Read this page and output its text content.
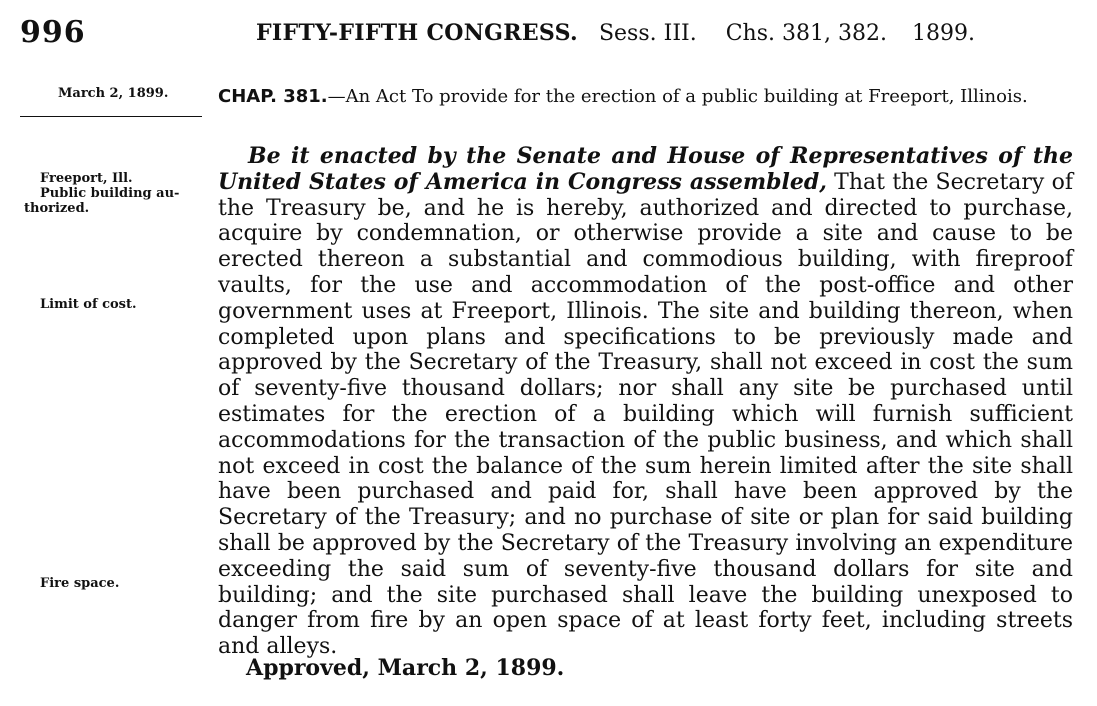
996	FIFTY-FIFTH CONGRESS. Sess. III. Chs. 381, 382. 1899.
March 2, 1899.
Freeport, Ill.
Public building au-
thorized.
Limit of cost.
Fire space.
CHAP. 381.—An Act To provide for the erection of a public building at Freeport, Illinois.
Be it enacted by the Senate and House of Representatives of the United States of America in Congress assembled, That the Secretary of the Treasury be, and he is hereby, authorized and directed to purchase, acquire by condemnation, or otherwise provide a site and cause to be erected thereon a substantial and commodious building, with fireproof vaults, for the use and accommodation of the post-office and other government uses at Freeport, Illinois. The site and building thereon, when completed upon plans and specifications to be previously made and approved by the Secretary of the Treasury, shall not exceed in cost the sum of seventy-five thousand dollars; nor shall any site be purchased until estimates for the erection of a building which will furnish sufficient accommodations for the transaction of the public business, and which shall not exceed in cost the balance of the sum herein limited after the site shall have been purchased and paid for, shall have been approved by the Secretary of the Treasury; and no purchase of site or plan for said building shall be approved by the Secretary of the Treasury involving an expenditure exceeding the said sum of seventy-five thousand dollars for site and building; and the site purchased shall leave the building unexposed to danger from fire by an open space of at least forty feet, including streets and alleys.
Approved, March 2, 1899.
